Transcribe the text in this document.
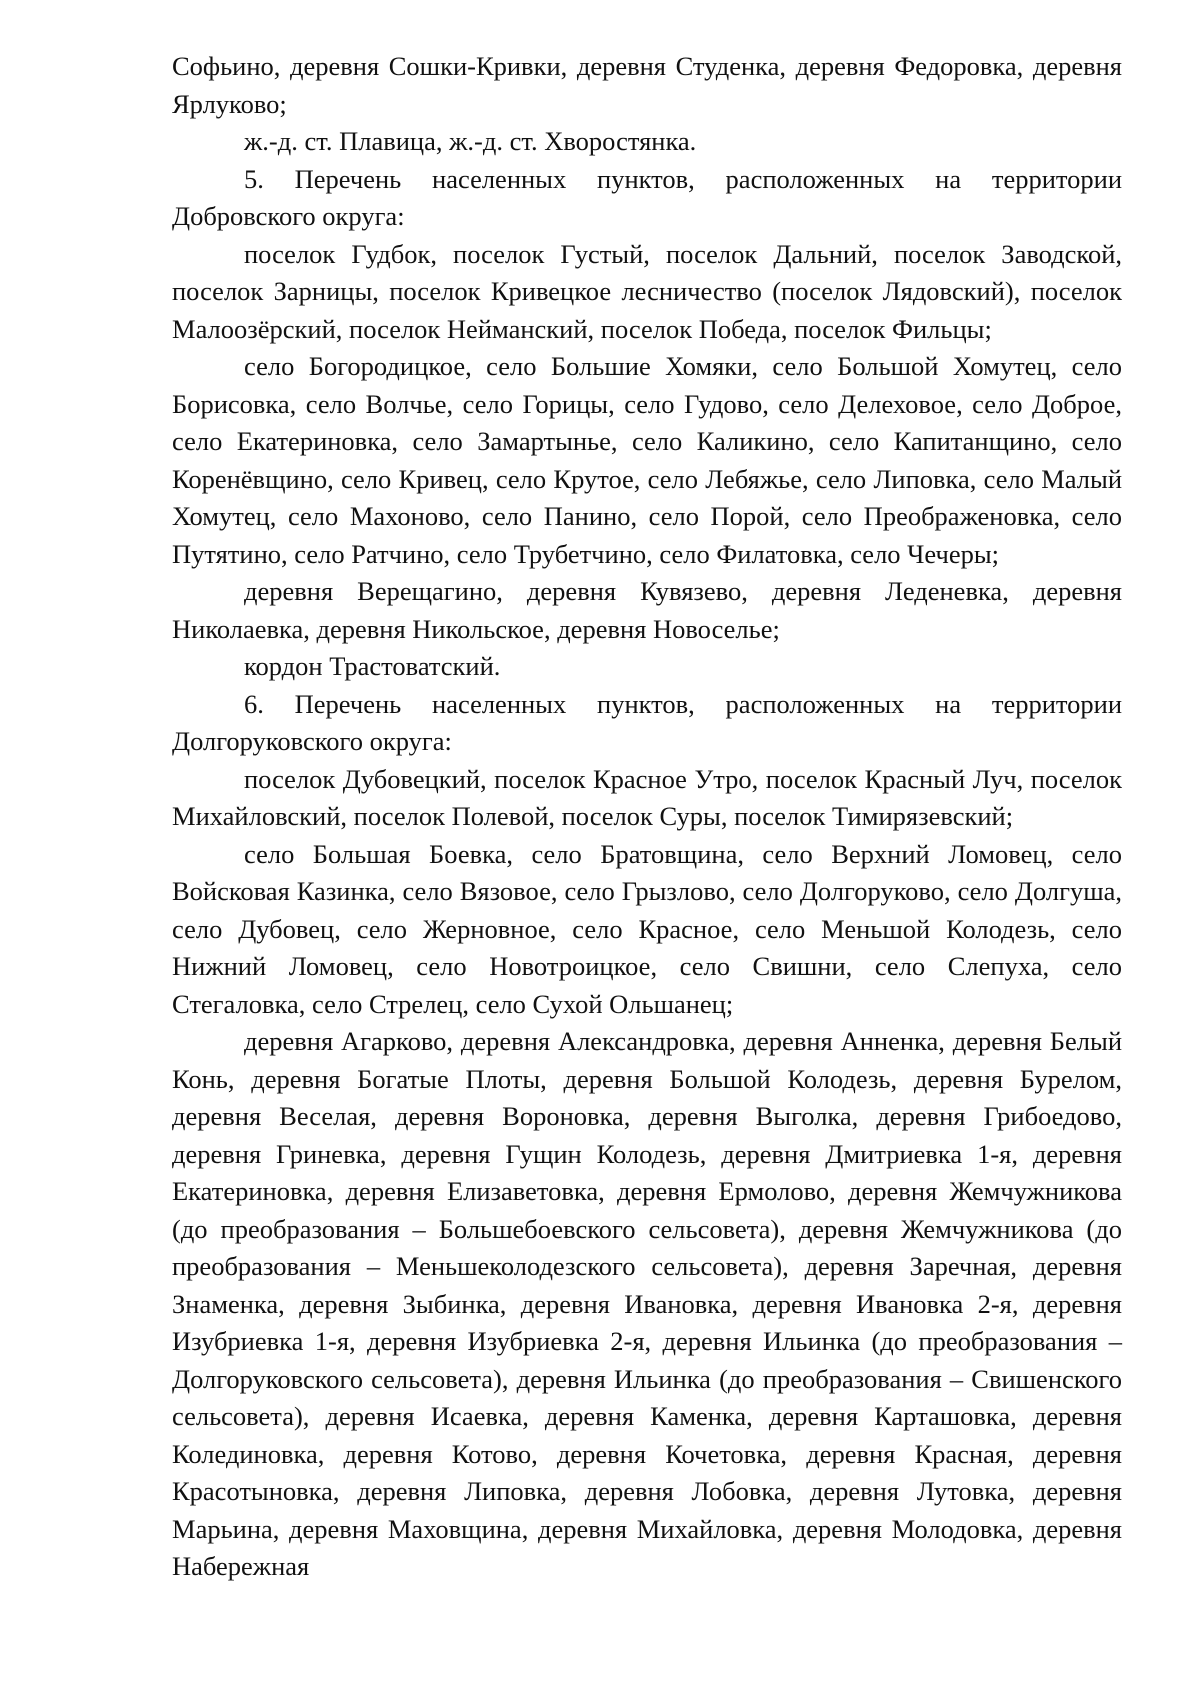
Софьино, деревня Сошки-Кривки, деревня Студенка, деревня Федоровка, деревня Ярлуково;

ж.-д. ст. Плавица, ж.-д. ст. Хворостянка.

5. Перечень населенных пунктов, расположенных на территории Добровского округа:

поселок Гудбок, поселок Густый, поселок Дальний, поселок Заводской, поселок Зарницы, поселок Кривецкое лесничество (поселок Лядовский), поселок Малоозёрский, поселок Нейманский, поселок Победа, поселок Фильцы;

село Богородицкое, село Большие Хомяки, село Большой Хомутец, село Борисовка, село Волчье, село Горицы, село Гудово, село Делеховое, село Доброе, село Екатериновка, село Замартынье, село Каликино, село Капитанщино, село Коренёвщино, село Кривец, село Крутое, село Лебяжье, село Липовка, село Малый Хомутец, село Махоново, село Панино, село Порой, село Преображеновка, село Путятино, село Ратчино, село Трубетчино, село Филатовка, село Чечеры;

деревня Верещагино, деревня Кувязево, деревня Леденевка, деревня Николаевка, деревня Никольское, деревня Новоселье;

кордон Трастоватский.

6. Перечень населенных пунктов, расположенных на территории Долгоруковского округа:

поселок Дубовецкий, поселок Красное Утро, поселок Красный Луч, поселок Михайловский, поселок Полевой, поселок Суры, поселок Тимирязевский;

село Большая Боевка, село Братовщина, село Верхний Ломовец, село Войсковая Казинка, село Вязовое, село Грызлово, село Долгоруково, село Долгуша, село Дубовец, село Жерновное, село Красное, село Меньшой Колодезь, село Нижний Ломовец, село Новотроицкое, село Свишни, село Слепуха, село Стегаловка, село Стрелец, село Сухой Ольшанец;

деревня Агарково, деревня Александровка, деревня Анненка, деревня Белый Конь, деревня Богатые Плоты, деревня Большой Колодезь, деревня Бурелом, деревня Веселая, деревня Вороновка, деревня Выголка, деревня Грибоедово, деревня Гриневка, деревня Гущин Колодезь, деревня Дмитриевка 1-я, деревня Екатериновка, деревня Елизаветовка, деревня Ермолово, деревня Жемчужникова (до преобразования – Большебоевского сельсовета), деревня Жемчужникова (до преобразования – Меньшеколодезского сельсовета), деревня Заречная, деревня Знаменка, деревня Зыбинка, деревня Ивановка, деревня Ивановка 2-я, деревня Изубриевка 1-я, деревня Изубриевка 2-я, деревня Ильинка (до преобразования – Долгоруковского сельсовета), деревня Ильинка (до преобразования – Свишенского сельсовета), деревня Исаевка, деревня Каменка, деревня Карташовка, деревня Колединовка, деревня Котово, деревня Кочетовка, деревня Красная, деревня Красотыновка, деревня Липовка, деревня Лобовка, деревня Лутовка, деревня Марьина, деревня Маховщина, деревня Михайловка, деревня Молодовка, деревня Набережная
